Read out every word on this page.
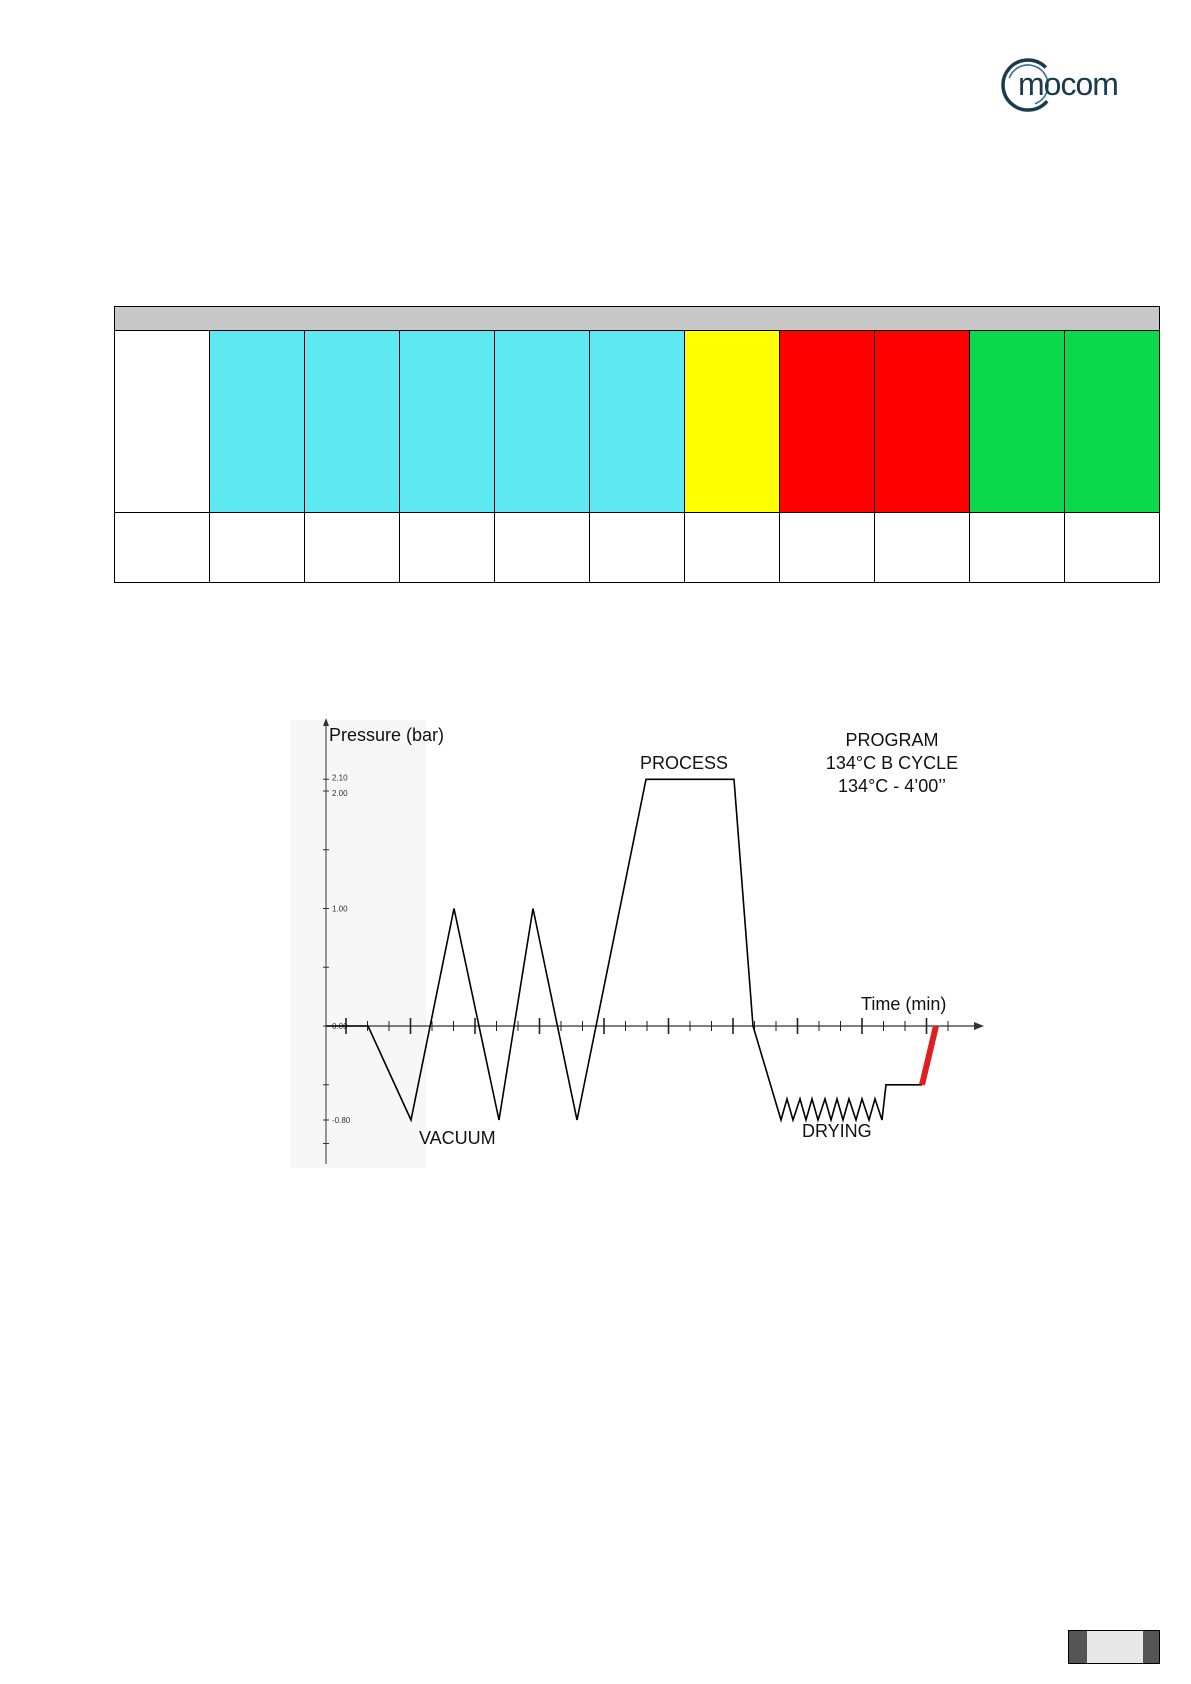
mocom
2.10
2.00
1.00
0.00
-0.80
Pressure (bar)
Time (min)
PROCESS
VACUUM	DRYING
PROGRAM
134°C B CYCLE
134°C - 4’00’’
